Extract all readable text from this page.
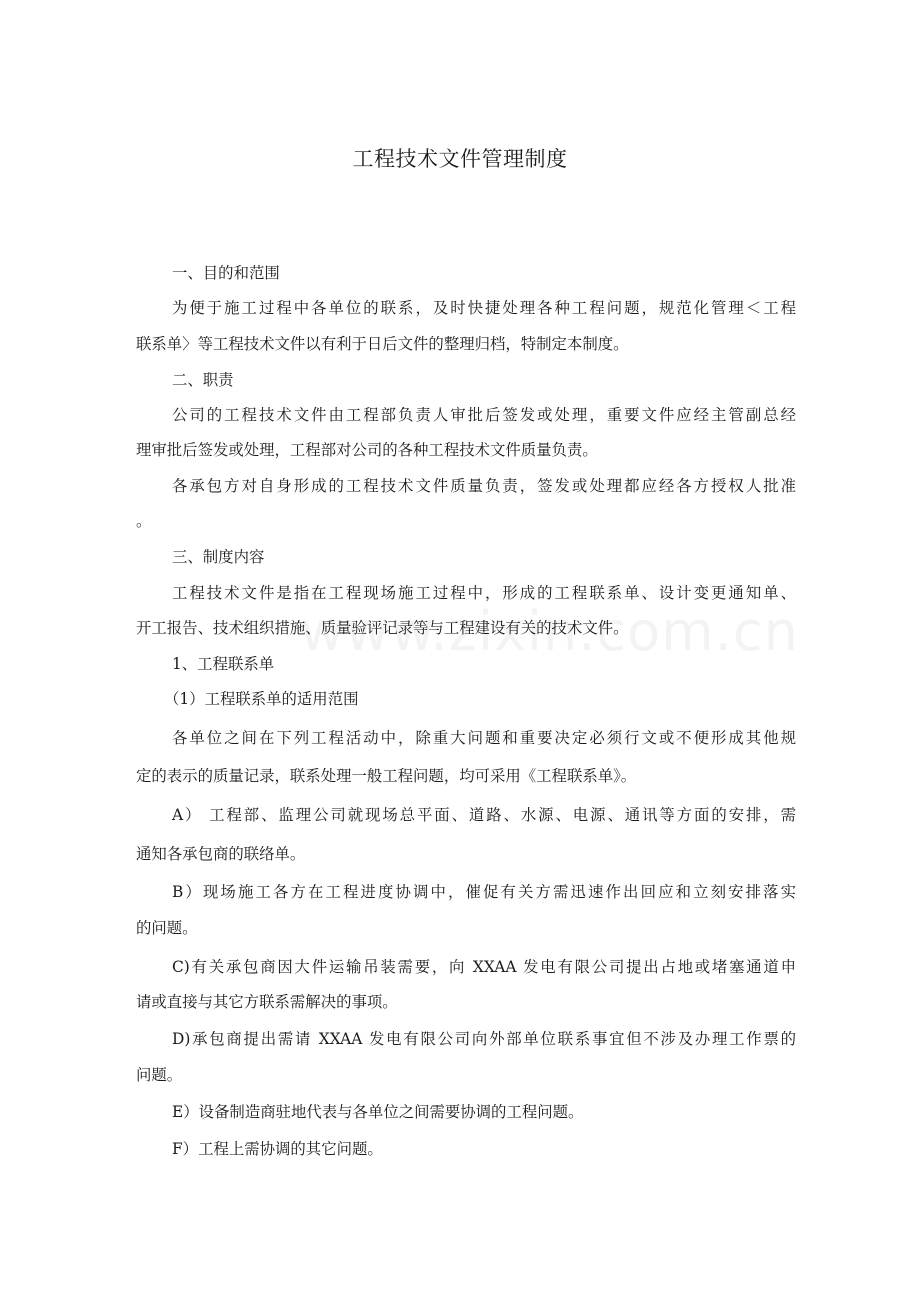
工程技术文件管理制度
一、目的和范围
为便于施工过程中各单位的联系，及时快捷处理各种工程问题，规范化管理＜工程
联系单〉等工程技术文件以有利于日后文件的整理归档，特制定本制度。
二、职责
公司的工程技术文件由工程部负责人审批后签发或处理，重要文件应经主管副总经
理审批后签发或处理，工程部对公司的各种工程技术文件质量负责。
各承包方对自身形成的工程技术文件质量负责，签发或处理都应经各方授权人批准
。
三、制度内容
工程技术文件是指在工程现场施工过程中，形成的工程联系单、设计变更通知单、
开工报告、技术组织措施、质量验评记录等与工程建设有关的技术文件。
1、工程联系单
（1）工程联系单的适用范围
各单位之间在下列工程活动中，除重大问题和重要决定必须行文或不便形成其他规
定的表示的质量记录，联系处理一般工程问题，均可采用《工程联系单》。
A） 工程部、监理公司就现场总平面、道路、水源、电源、通讯等方面的安排，需
通知各承包商的联络单。
B）现场施工各方在工程进度协调中，催促有关方需迅速作出回应和立刻安排落实
的问题。
C)有关承包商因大件运输吊装需要，向 XXAA 发电有限公司提出占地或堵塞通道申
请或直接与其它方联系需解决的事项。
D)承包商提出需请 XXAA 发电有限公司向外部单位联系事宜但不涉及办理工作票的
问题。
E）设备制造商驻地代表与各单位之间需要协调的工程问题。
F）工程上需协调的其它问题。
